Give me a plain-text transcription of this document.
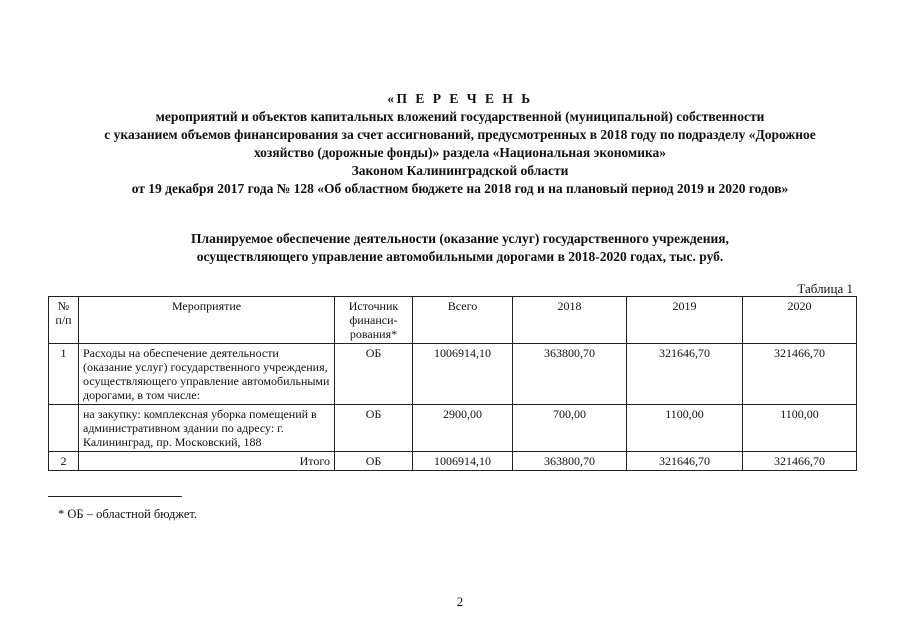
«П Е Р Е Ч Е Н Ь
мероприятий и объектов капитальных вложений государственной (муниципальной) собственности
с указанием объемов финансирования за счет ассигнований, предусмотренных в 2018 году по подразделу «Дорожное
хозяйство (дорожные фонды)» раздела «Национальная экономика»
Законом Калининградской области
от 19 декабря 2017 года № 128 «Об областном бюджете на 2018 год и на плановый период 2019 и 2020 годов»
Планируемое обеспечение деятельности (оказание услуг) государственного учреждения,
осуществляющего управление автомобильными дорогами в 2018-2020 годах, тыс. руб.
Таблица 1
№ п/п	Мероприятие	Источник финанси-рования*	Всего	2018	2019	2020
1	Расходы на обеспечение деятельности (оказание услуг) государственного учреждения, осуществляющего управление автомобильными дорогами, в том числе:	ОБ	1006914,10	363800,70	321646,70	321466,70
	на закупку: комплексная уборка помещений в административном здании по адресу: г. Калининград, пр. Московский, 188	ОБ	2900,00	700,00	1100,00	1100,00
2	Итого	ОБ	1006914,10	363800,70	321646,70	321466,70
* ОБ – областной бюджет.
2
